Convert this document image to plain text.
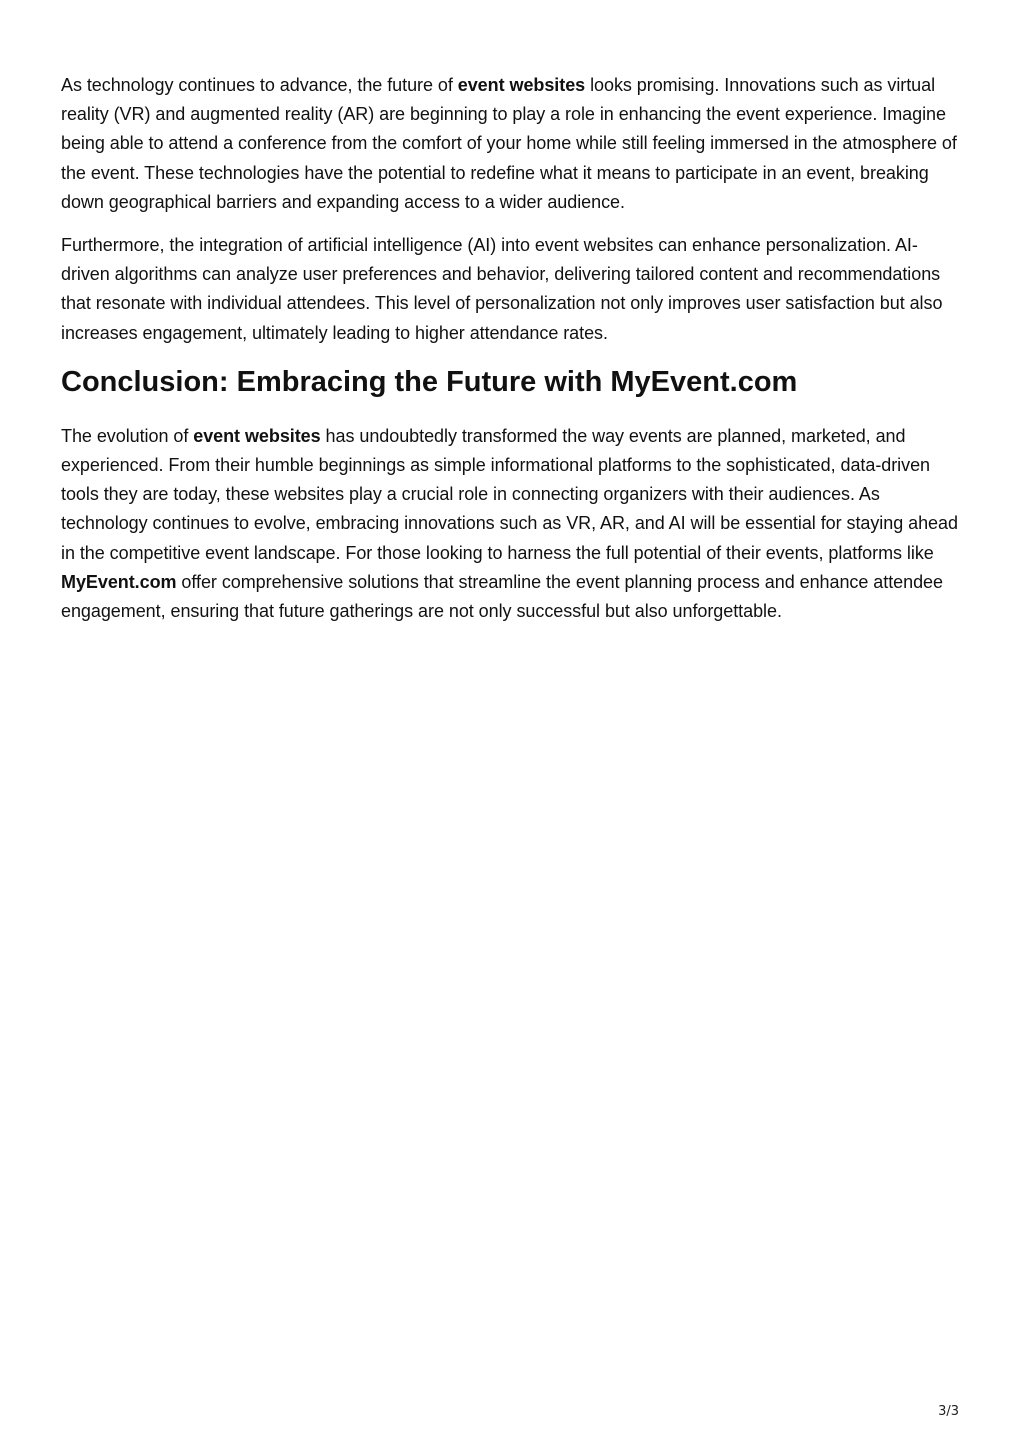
As technology continues to advance, the future of event websites looks promising. Innovations such as virtual reality (VR) and augmented reality (AR) are beginning to play a role in enhancing the event experience. Imagine being able to attend a conference from the comfort of your home while still feeling immersed in the atmosphere of the event. These technologies have the potential to redefine what it means to participate in an event, breaking down geographical barriers and expanding access to a wider audience.

Furthermore, the integration of artificial intelligence (AI) into event websites can enhance personalization. AI-driven algorithms can analyze user preferences and behavior, delivering tailored content and recommendations that resonate with individual attendees. This level of personalization not only improves user satisfaction but also increases engagement, ultimately leading to higher attendance rates.

Conclusion: Embracing the Future with MyEvent.com

The evolution of event websites has undoubtedly transformed the way events are planned, marketed, and experienced. From their humble beginnings as simple informational platforms to the sophisticated, data-driven tools they are today, these websites play a crucial role in connecting organizers with their audiences. As technology continues to evolve, embracing innovations such as VR, AR, and AI will be essential for staying ahead in the competitive event landscape. For those looking to harness the full potential of their events, platforms like MyEvent.com offer comprehensive solutions that streamline the event planning process and enhance attendee engagement, ensuring that future gatherings are not only successful but also unforgettable.

3/3
